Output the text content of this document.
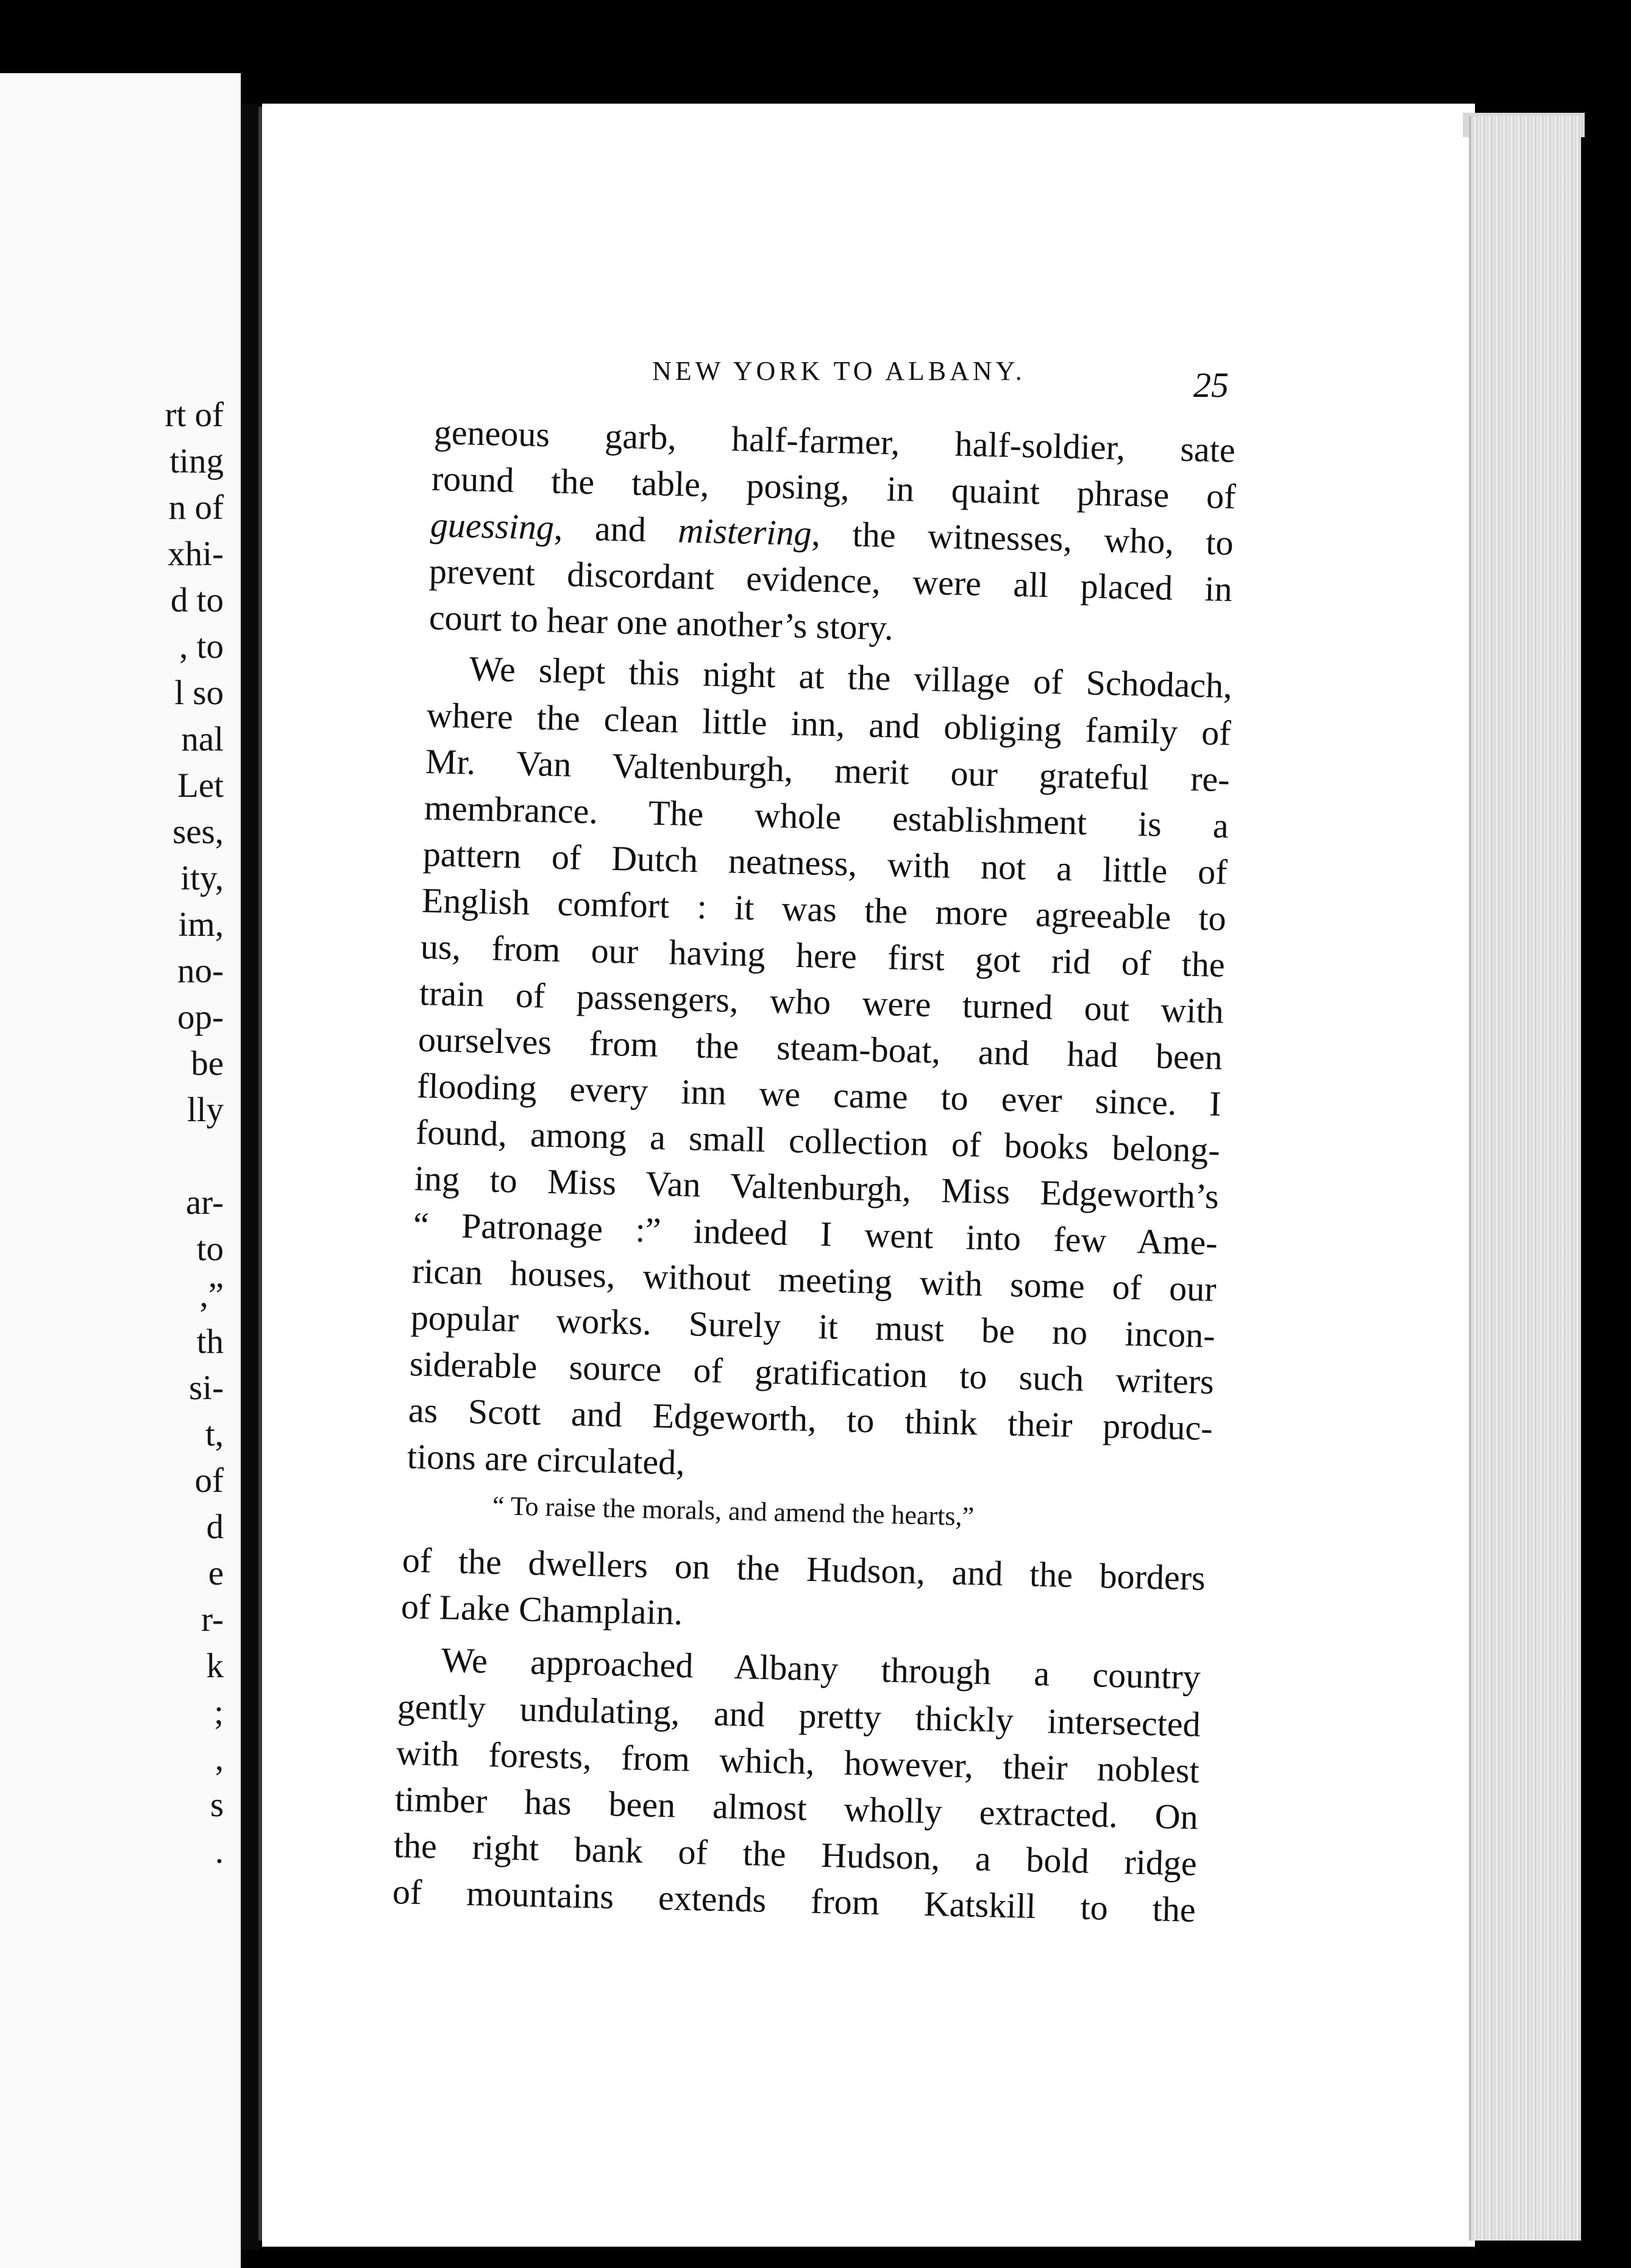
rt of
ting
n of
xhi-
d to
, to
l so
nal
Let
ses,
ity,
im,
no-
op-
be
lly
ar-
to
,”
th
si-
t,
of
d
e
r-
k
;
,
s
.
NEW YORK TO ALBANY.	25
geneous garb, half-farmer, half-soldier, sate
round the table, posing, in quaint phrase of
guessing, and mistering, the witnesses, who, to
prevent discordant evidence, were all placed in
court to hear one another’s story.
We slept this night at the village of Schodach,
where the clean little inn, and obliging family of
Mr. Van Valtenburgh, merit our grateful re-
membrance. The whole establishment is a
pattern of Dutch neatness, with not a little of
English comfort : it was the more agreeable to
us, from our having here first got rid of the
train of passengers, who were turned out with
ourselves from the steam-boat, and had been
flooding every inn we came to ever since. I
found, among a small collection of books belong-
ing to Miss Van Valtenburgh, Miss Edgeworth’s
“ Patronage :” indeed I went into few Ame-
rican houses, without meeting with some of our
popular works. Surely it must be no incon-
siderable source of gratification to such writers
as Scott and Edgeworth, to think their produc-
tions are circulated,
“ To raise the morals, and amend the hearts,”
of the dwellers on the Hudson, and the borders
of Lake Champlain.
We approached Albany through a country
gently undulating, and pretty thickly intersected
with forests, from which, however, their noblest
timber has been almost wholly extracted. On
the right bank of the Hudson, a bold ridge
of mountains extends from Katskill to the
